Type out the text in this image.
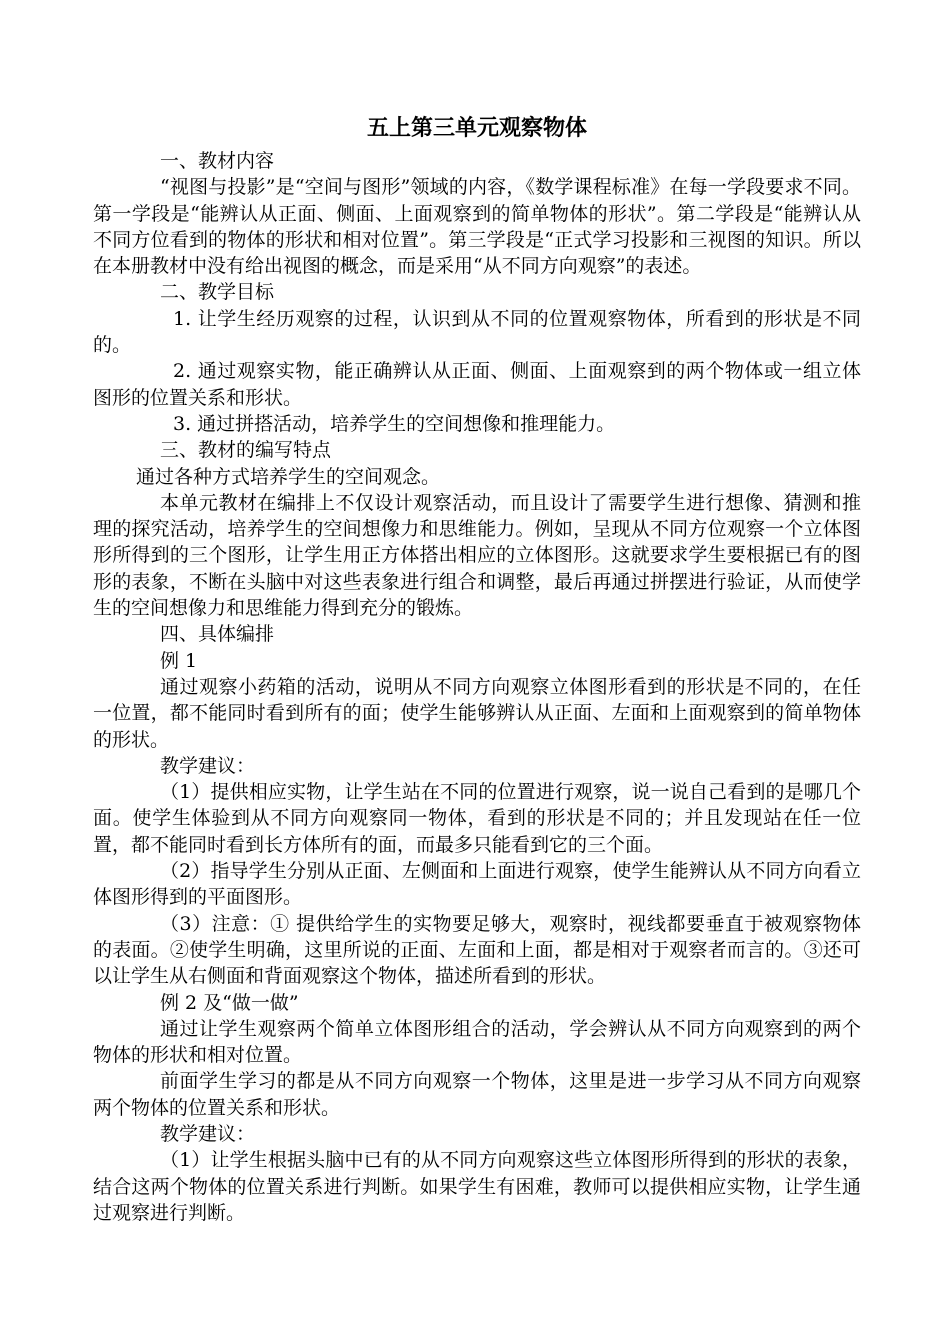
五上第三单元观察物体

一、教材内容

“视图与投影”是“空间与图形”领域的内容，《数学课程标准》在每一学段要求不同。第一学段是“能辨认从正面、侧面、上面观察到的简单物体的形状”。第二学段是“能辨认从不同方位看到的物体的形状和相对位置”。第三学段是“正式学习投影和三视图的知识。所以在本册教材中没有给出视图的概念，而是采用“从不同方向观察”的表述。

二、教学目标

1. 让学生经历观察的过程，认识到从不同的位置观察物体，所看到的形状是不同的。

2. 通过观察实物，能正确辨认从正面、侧面、上面观察到的两个物体或一组立体图形的位置关系和形状。

3. 通过拼搭活动，培养学生的空间想像和推理能力。

三、教材的编写特点

通过各种方式培养学生的空间观念。

本单元教材在编排上不仅设计观察活动，而且设计了需要学生进行想像、猜测和推理的探究活动，培养学生的空间想像力和思维能力。例如，呈现从不同方位观察一个立体图形所得到的三个图形，让学生用正方体搭出相应的立体图形。这就要求学生要根据已有的图形的表象，不断在头脑中对这些表象进行组合和调整，最后再通过拼摆进行验证，从而使学生的空间想像力和思维能力得到充分的锻炼。

四、具体编排

例 1

通过观察小药箱的活动，说明从不同方向观察立体图形看到的形状是不同的，在任一位置，都不能同时看到所有的面；使学生能够辨认从正面、左面和上面观察到的简单物体的形状。

教学建议：

（1）提供相应实物，让学生站在不同的位置进行观察，说一说自己看到的是哪几个面。使学生体验到从不同方向观察同一物体，看到的形状是不同的；并且发现站在任一位置，都不能同时看到长方体所有的面，而最多只能看到它的三个面。

（2）指导学生分别从正面、左侧面和上面进行观察，使学生能辨认从不同方向看立体图形得到的平面图形。

（3）注意：① 提供给学生的实物要足够大，观察时，视线都要垂直于被观察物体的表面。②使学生明确，这里所说的正面、左面和上面，都是相对于观察者而言的。③还可以让学生从右侧面和背面观察这个物体，描述所看到的形状。

例 2 及“做一做”

通过让学生观察两个简单立体图形组合的活动，学会辨认从不同方向观察到的两个物体的形状和相对位置。

前面学生学习的都是从不同方向观察一个物体，这里是进一步学习从不同方向观察两个物体的位置关系和形状。

教学建议：

（1）让学生根据头脑中已有的从不同方向观察这些立体图形所得到的形状的表象，结合这两个物体的位置关系进行判断。如果学生有困难，教师可以提供相应实物，让学生通过观察进行判断。
